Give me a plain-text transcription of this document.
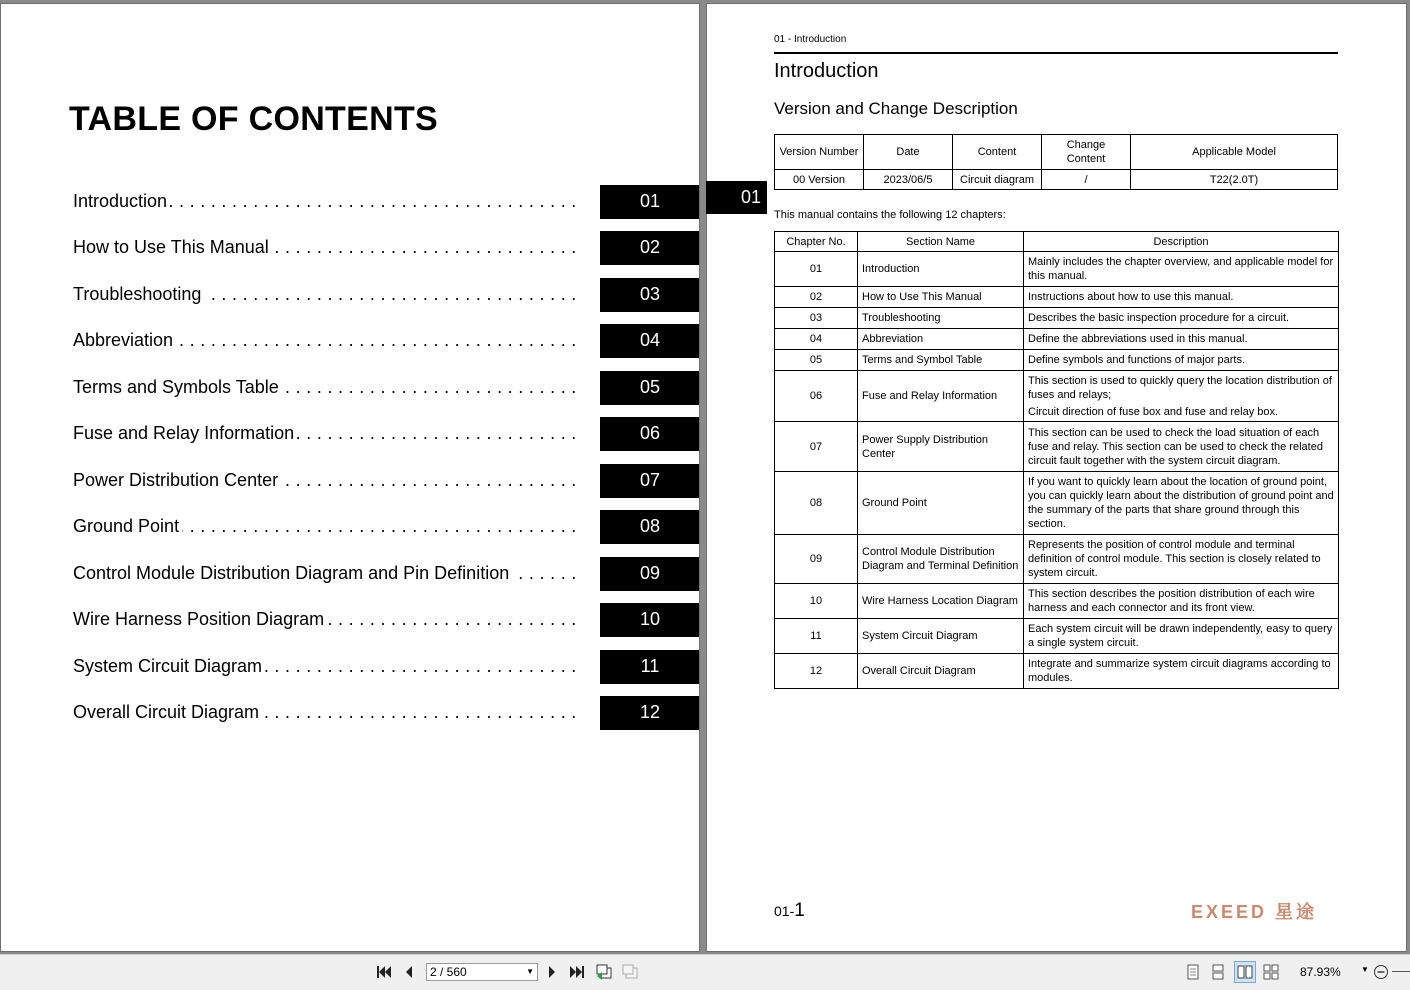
TABLE OF CONTENTS
Introduction . . .	01
How to Use This Manual . . .	02
Troubleshooting . . .	03
Abbreviation . . .	04
Terms and Symbols Table . . .	05
Fuse and Relay Information . . .	06
Power Distribution Center . . .	07
Ground Point . . .	08
Control Module Distribution Diagram and Pin Definition . . .	09
Wire Harness Position Diagram . . .	10
System Circuit Diagram . . .	11
Overall Circuit Diagram . . .	12
01
01 - Introduction
Introduction
Version and Change Description
Version Number	Date	Content	Change Content	Applicable Model
00 Version	2023/06/5	Circuit diagram	/	T22(2.0T)
This manual contains the following 12 chapters:
Chapter No.	Section Name	Description
01	Introduction	Mainly includes the chapter overview, and applicable model for this manual.

02	How to Use This Manual	Instructions about how to use this manual.

03	Troubleshooting	Describes the basic inspection procedure for a circuit.

04	Abbreviation	Define the abbreviations used in this manual.

05	Terms and Symbol Table	Define symbols and functions of major parts.

06	Fuse and Relay Information	This section is used to quickly query the location distribution of fuses and relays;
Circuit direction of fuse box and fuse and relay box.

07	Power Supply Distribution Center	This section can be used to check the load situation of each fuse and relay. This section can be used to check the related circuit fault together with the system circuit diagram.

08	Ground Point	If you want to quickly learn about the location of ground point, you can quickly learn about the distribution of ground point and the summary of the parts that share ground through this section.

09	Control Module Distribution Diagram and Terminal Definition	Represents the position of control module and terminal definition of control module. This section is closely related to system circuit.

10	Wire Harness Location Diagram	This section describes the position distribution of each wire harness and each connector and its front view.

11	System Circuit Diagram	Each system circuit will be drawn independently, easy to query a single system circuit.

12	Overall Circuit Diagram	Integrate and summarize system circuit diagrams according to modules.
01-1	EXEED 星途
2 / 560	▼	87.93%	▼
